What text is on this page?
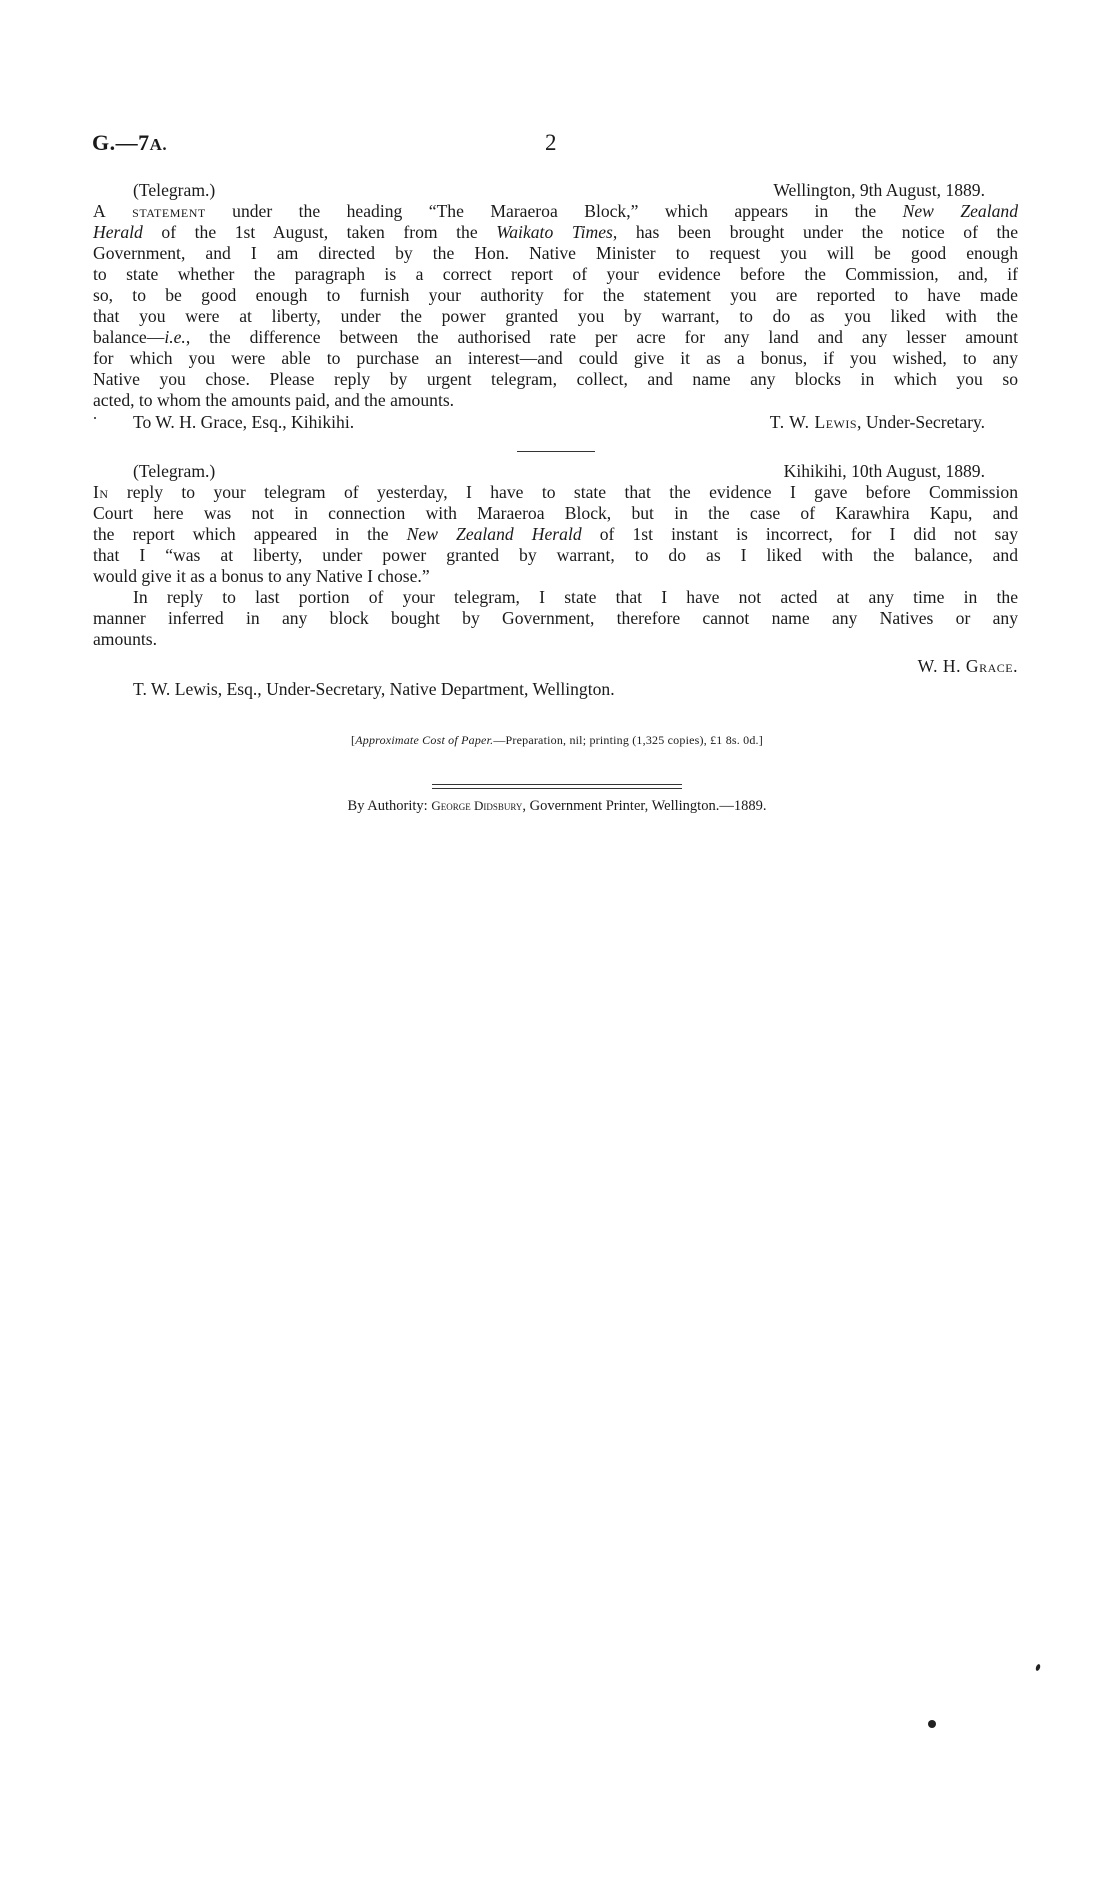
G.—7A.	2
(Telegram.)	Wellington, 9th August, 1889.
A statement under the heading “The Maraeroa Block,” which appears in the New Zealand
Herald of the 1st August, taken from the Waikato Times, has been brought under the notice of the
Government, and I am directed by the Hon. Native Minister to request you will be good enough
to state whether the paragraph is a correct report of your evidence before the Commission, and, if
so, to be good enough to furnish your authority for the statement you are reported to have made
that you were at liberty, under the power granted you by warrant, to do as you liked with the
balance—i.e., the difference between the authorised rate per acre for any land and any lesser amount
for which you were able to purchase an interest—and could give it as a bonus, if you wished, to any
Native you chose. Please reply by urgent telegram, collect, and name any blocks in which you so
acted, to whom the amounts paid, and the amounts.
To W. H. Grace, Esq., Kihikihi.	T. W. Lewis, Under-Secretary.
(Telegram.)	Kihikihi, 10th August, 1889.
In reply to your telegram of yesterday, I have to state that the evidence I gave before Commission
Court here was not in connection with Maraeroa Block, but in the case of Karawhira Kapu, and
the report which appeared in the New Zealand Herald of 1st instant is incorrect, for I did not say
that I “was at liberty, under power granted by warrant, to do as I liked with the balance, and
would give it as a bonus to any Native I chose.”
In reply to last portion of your telegram, I state that I have not acted at any time in the
manner inferred in any block bought by Government, therefore cannot name any Natives or any
amounts.
W. H. Grace.
T. W. Lewis, Esq., Under-Secretary, Native Department, Wellington.
[Approximate Cost of Paper.—Preparation, nil; printing (1,325 copies), £1 8s. 0d.]
By Authority: George Didsbury, Government Printer, Wellington.—1889.
